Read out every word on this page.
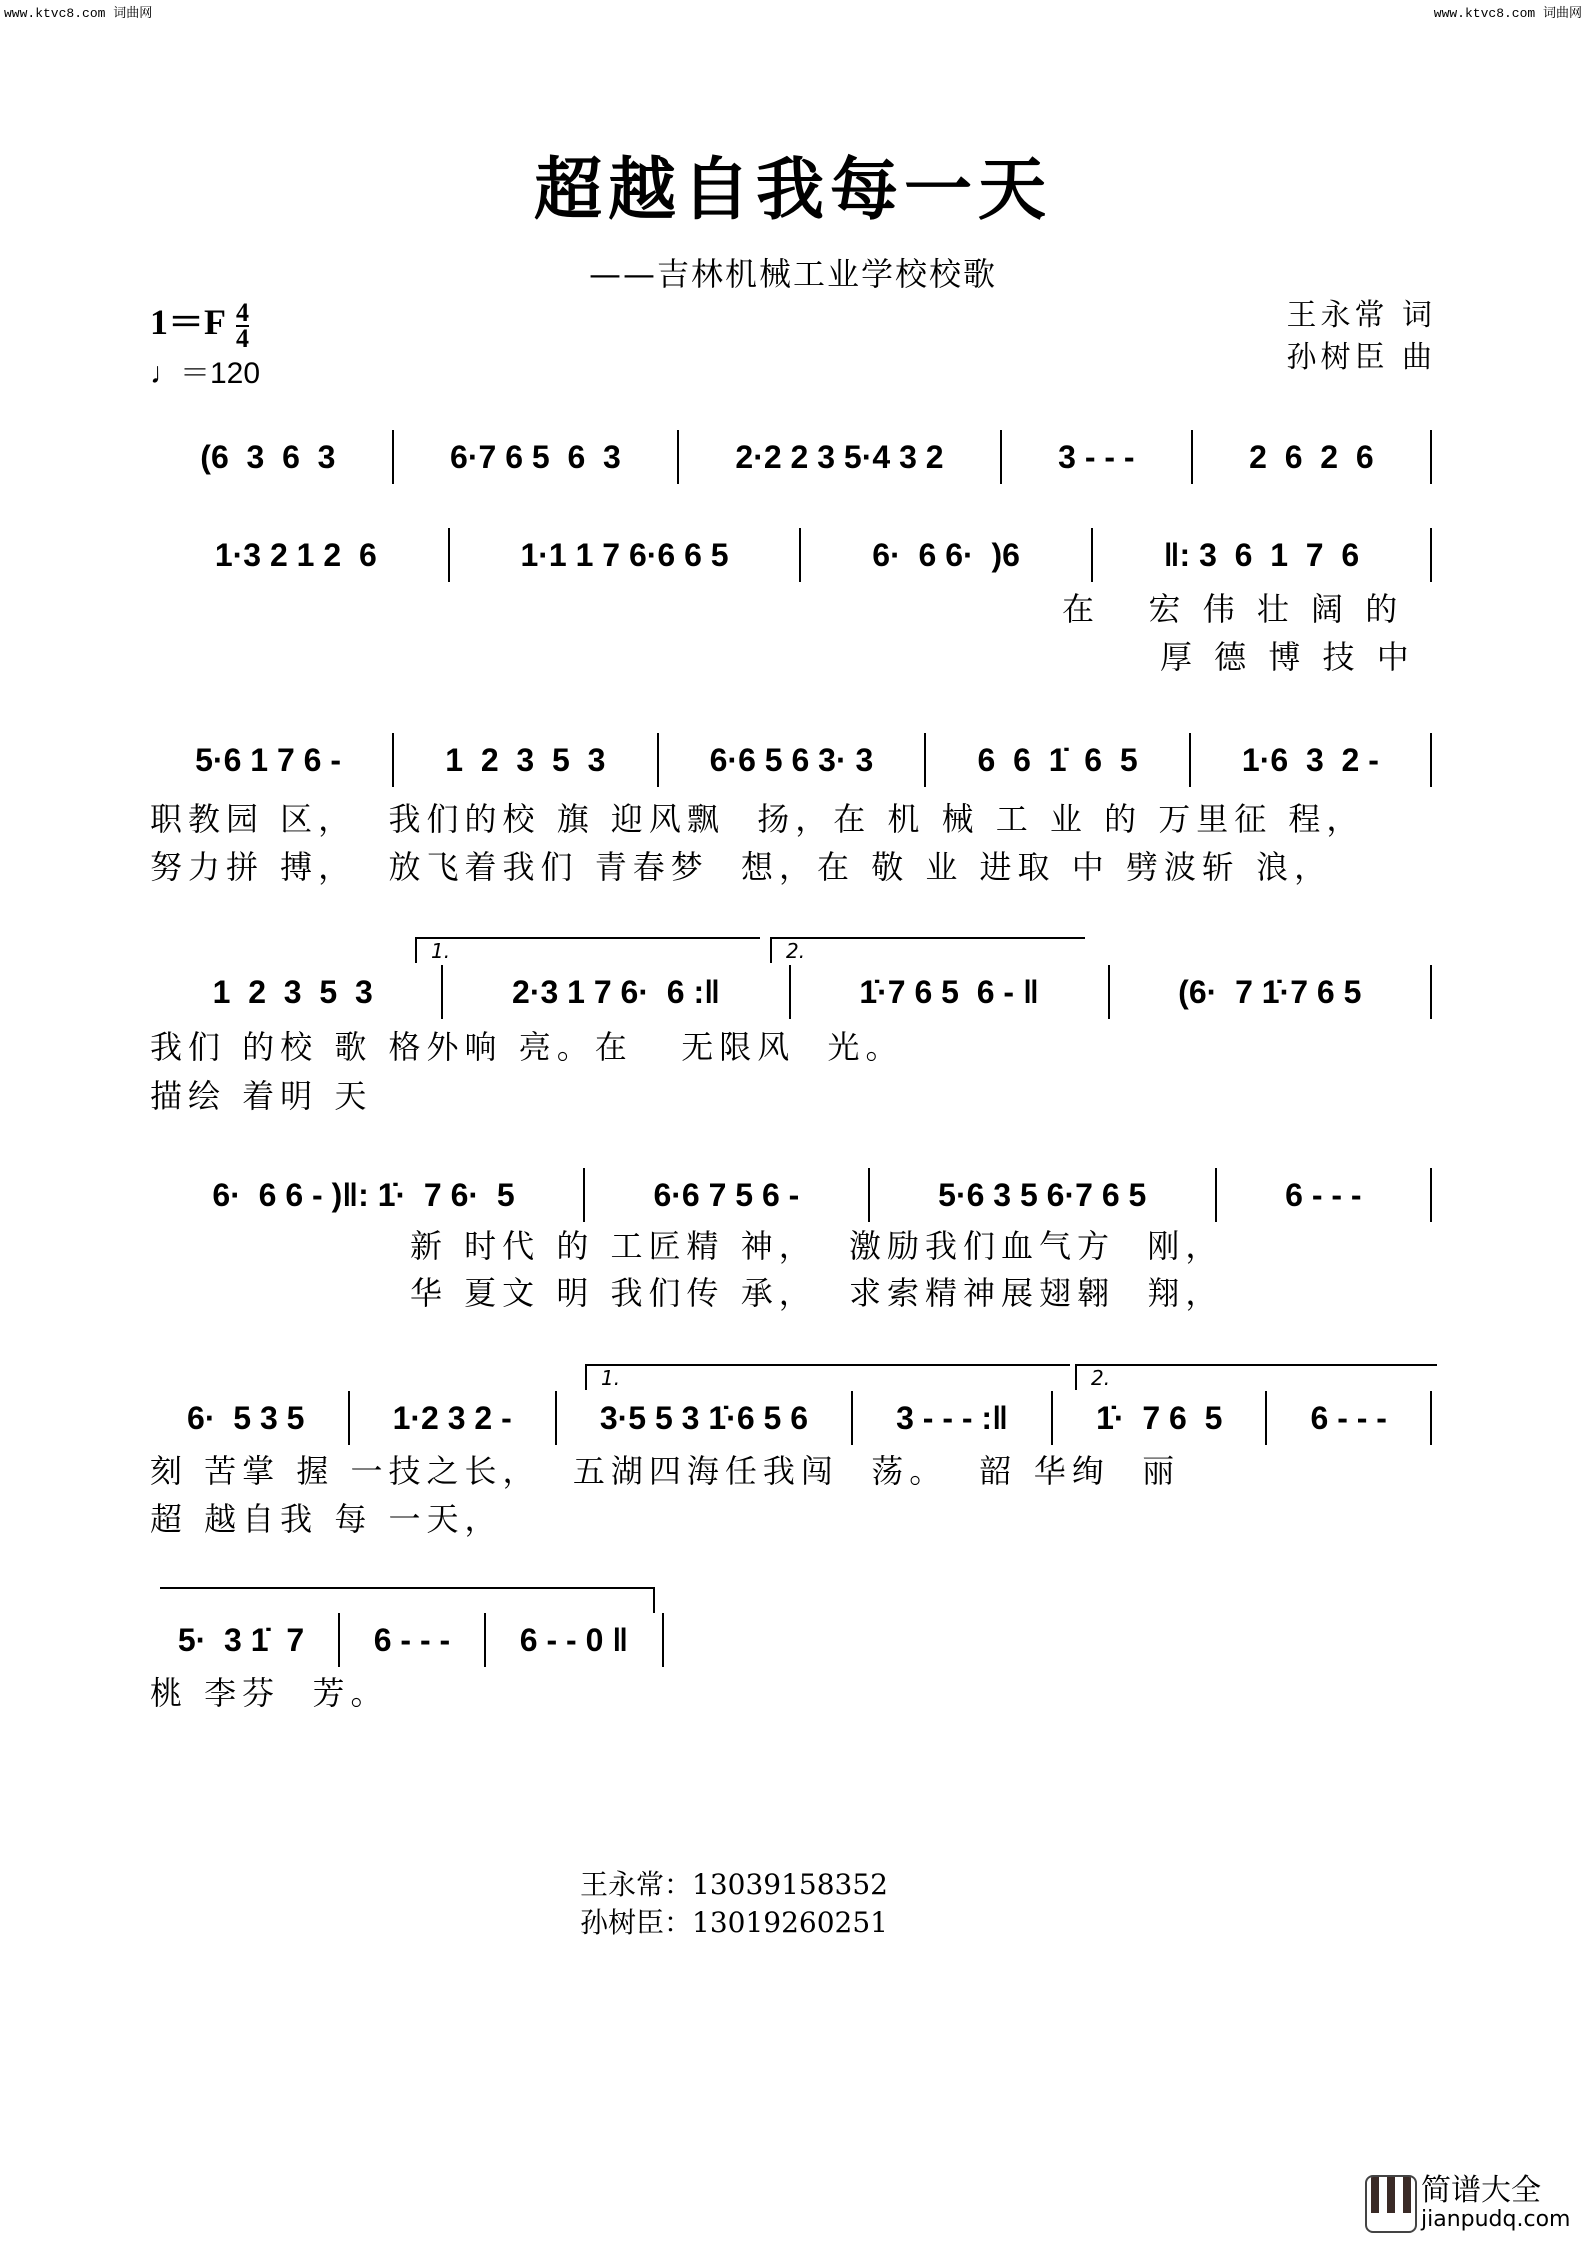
www.ktvc8.com 词曲网	www.ktvc8.com 词曲网
超越自我每一天
——吉林机械工业学校校歌
$1=F \frac{4}{4}$
♩＝120
王永常 词
孙树臣 曲
(6  3  6  3	6·7 6 5  6  3	2·2 2 3 5·4 3 2	3 - - -	2  6  2  6
1·3 2 1 2  6	1·1 1 7 6·6 6 5	6·  6 6·  )6	‖: 3  6  1  7  6
5·6 1 7 6 -	1  2  3  5  3	6·6 5 6 3· 3	6  6  1̇  6  5	1·6  3  2 -
1  2  3  5  3	2·3 1 7 6·  6 :‖	1̇·7 6 5  6 - ‖	(6·  7 1̇·7 6 5
6·  6 6 - )‖: 1̇·  7 6·  5	6·6 7 5 6 -	5·6 3 5 6·7 6 5	6 - - -
6·  5 3 5	1·2 3 2 -	3·5 5 3 1̇·6 5 6	3 - - - :‖	1̇·  7 6  5	6 - - -
5·  3 1̇  7	6 - - -	6 - - 0 ‖
在   宏 伟 壮 阔 的
厚 德 博 技 中
职教园 区，  我们的校 旗 迎风飘  扬，在 机 械 工 业 的 万里征 程，
努力拼 搏，  放飞着我们 青春梦  想，在 敬 业 进取 中 劈波斩 浪，
我们 的校 歌 格外响 亮。在   无限风  光。
描绘 着明 天
新 时代 的 工匠精 神，  激励我们血气方  刚，
华 夏文 明 我们传 承，  求索精神展翅翱  翔，
刻 苦掌 握 一技之长，  五湖四海任我闯  荡。  韶 华绚  丽
超 越自我 每 一天，
桃 李芬  芳。
1.	2.
1.	2.
王永常：13039158352
孙树臣：13019260251
简谱大全
jianpudq.com
